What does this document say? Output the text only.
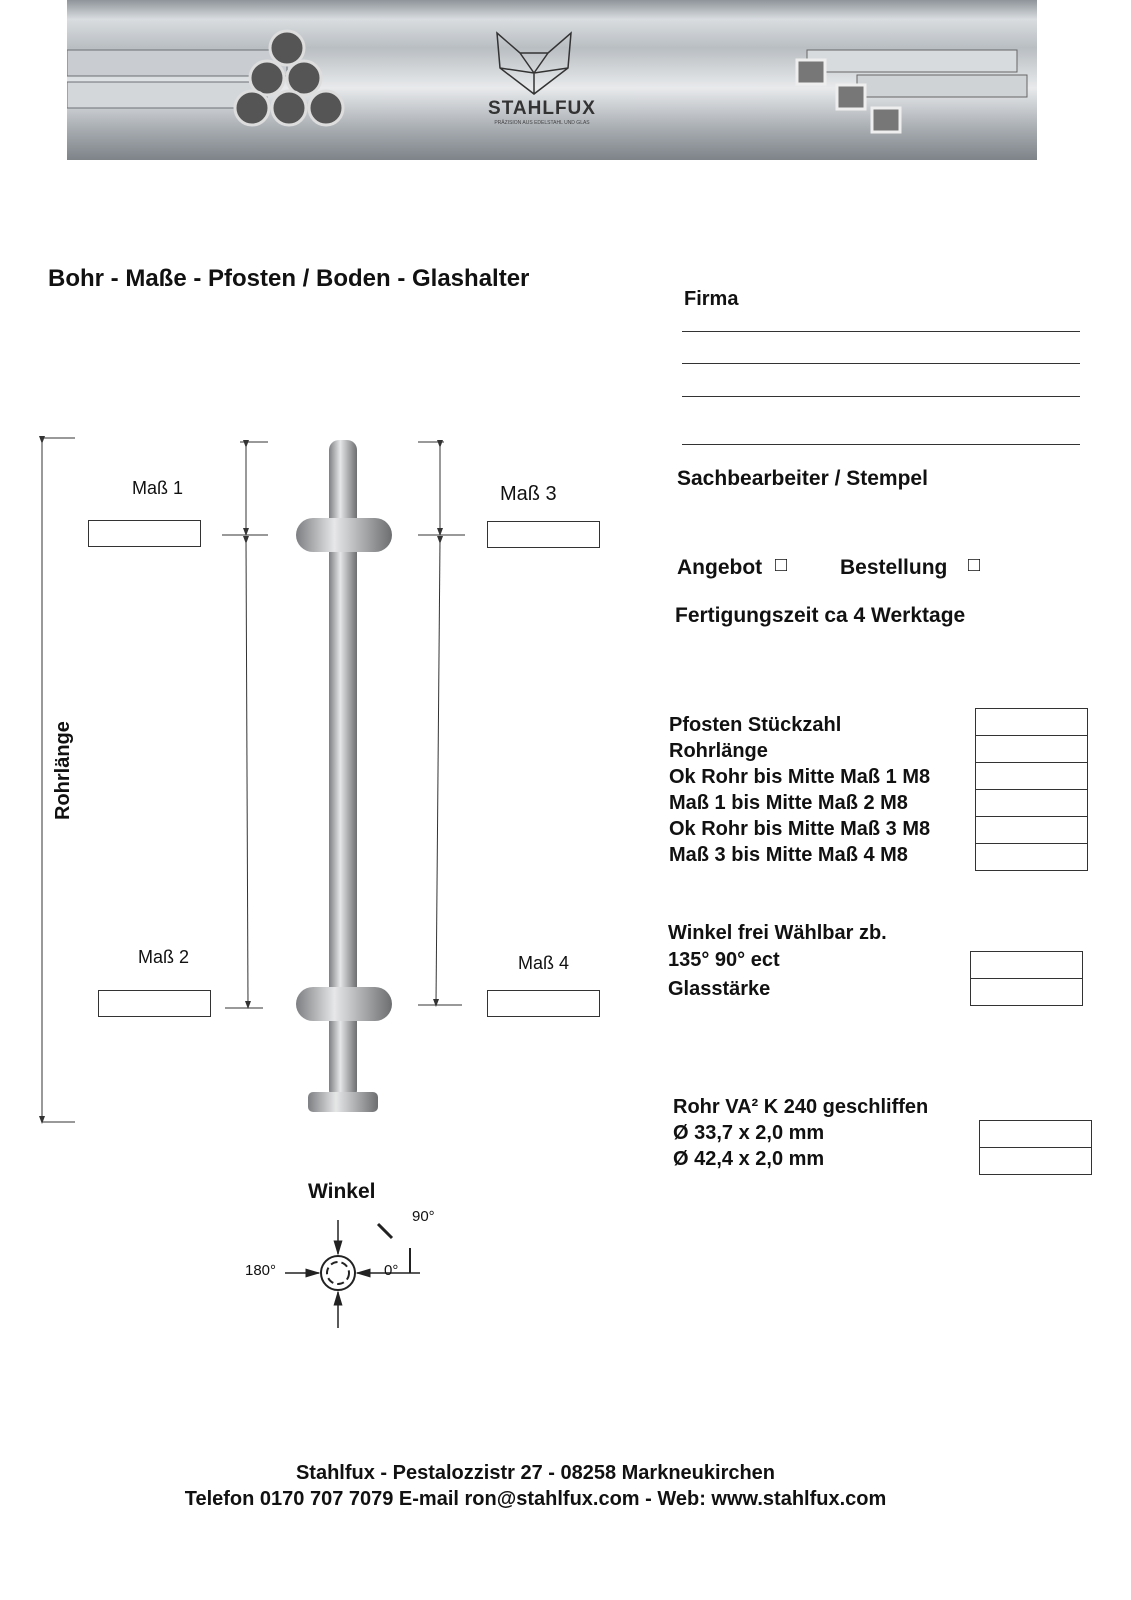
STAHLFUX
PRÄZISION AUS EDELSTAHL UND GLAS
Bohr - Maße - Pfosten / Boden - Glashalter
Firma
Sachbearbeiter / Stempel
Angebot □	Bestellung □
Fertigungszeit ca 4 Werktage
Pfosten Stückzahl
Rohrlänge
Ok Rohr bis Mitte Maß 1 M8
Maß 1 bis Mitte Maß 2 M8
Ok Rohr bis Mitte Maß 3 M8
Maß 3 bis Mitte Maß 4 M8
Winkel frei Wählbar zb.
135° 90° ect
Glasstärke
Rohr VA² K 240 geschliffen
Ø 33,7 x 2,0 mm
Ø 42,4 x 2,0 mm
Maß 1	Maß 3
Maß 2	Maß 4
Rohrlänge
Winkel
90°
180°	0°
Stahlfux - Pestalozzistr 27 - 08258 Markneukirchen
Telefon 0170 707 7079 E-mail ron@stahlfux.com - Web: www.stahlfux.com
